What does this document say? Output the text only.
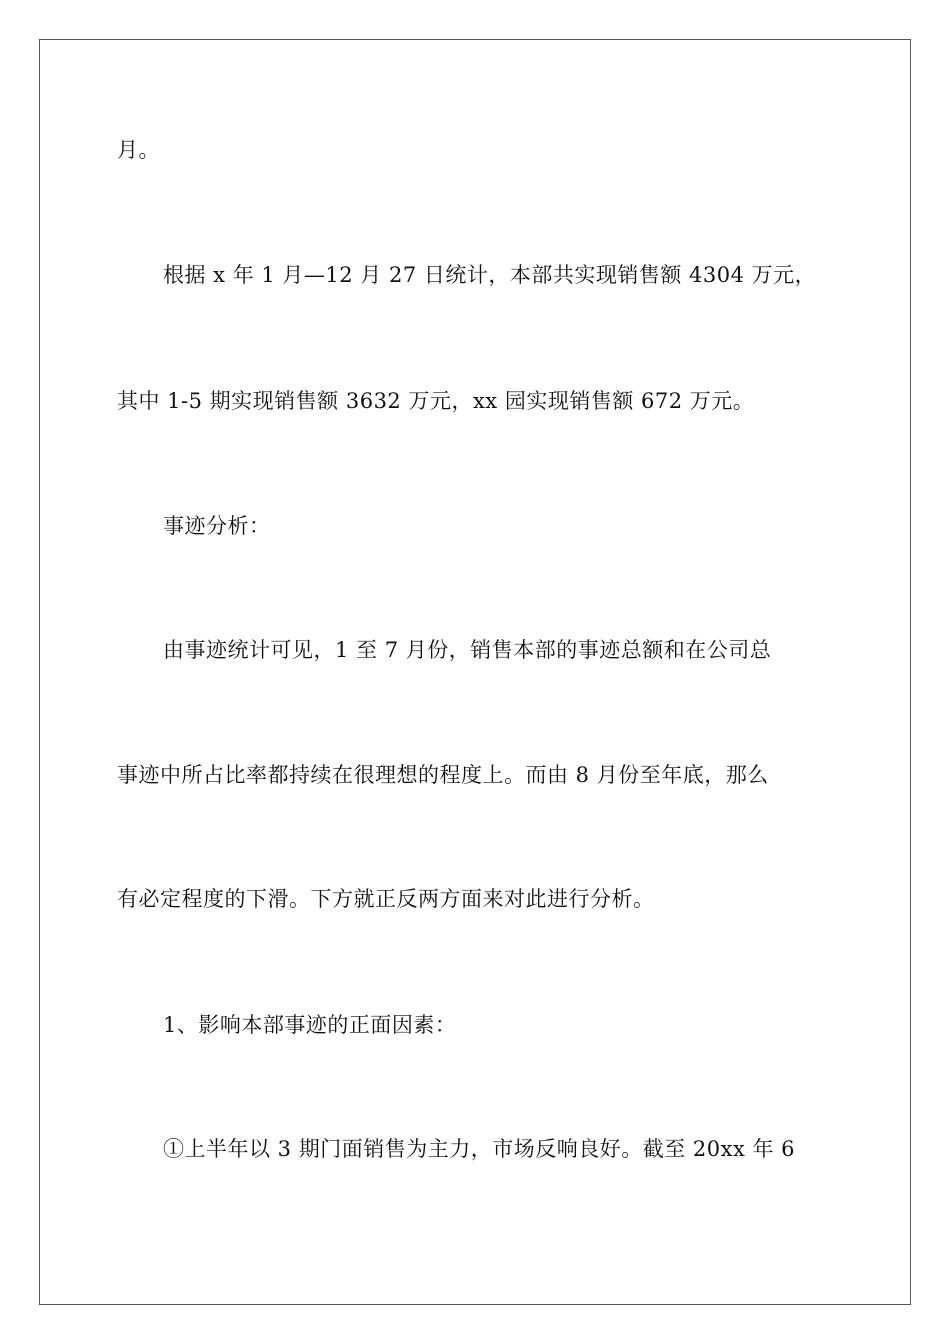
月。
根据 x 年 1 月—12 月 27 日统计，本部共实现销售额 4304 万元，
其中 1-5 期实现销售额 3632 万元，xx 园实现销售额 672 万元。
事迹分析：
由事迹统计可见，1 至 7 月份，销售本部的事迹总额和在公司总
事迹中所占比率都持续在很理想的程度上。而由 8 月份至年底，那么
有必定程度的下滑。下方就正反两方面来对此进行分析。
1、影响本部事迹的正面因素：
①上半年以 3 期门面销售为主力，市场反响良好。截至 20xx 年 6
